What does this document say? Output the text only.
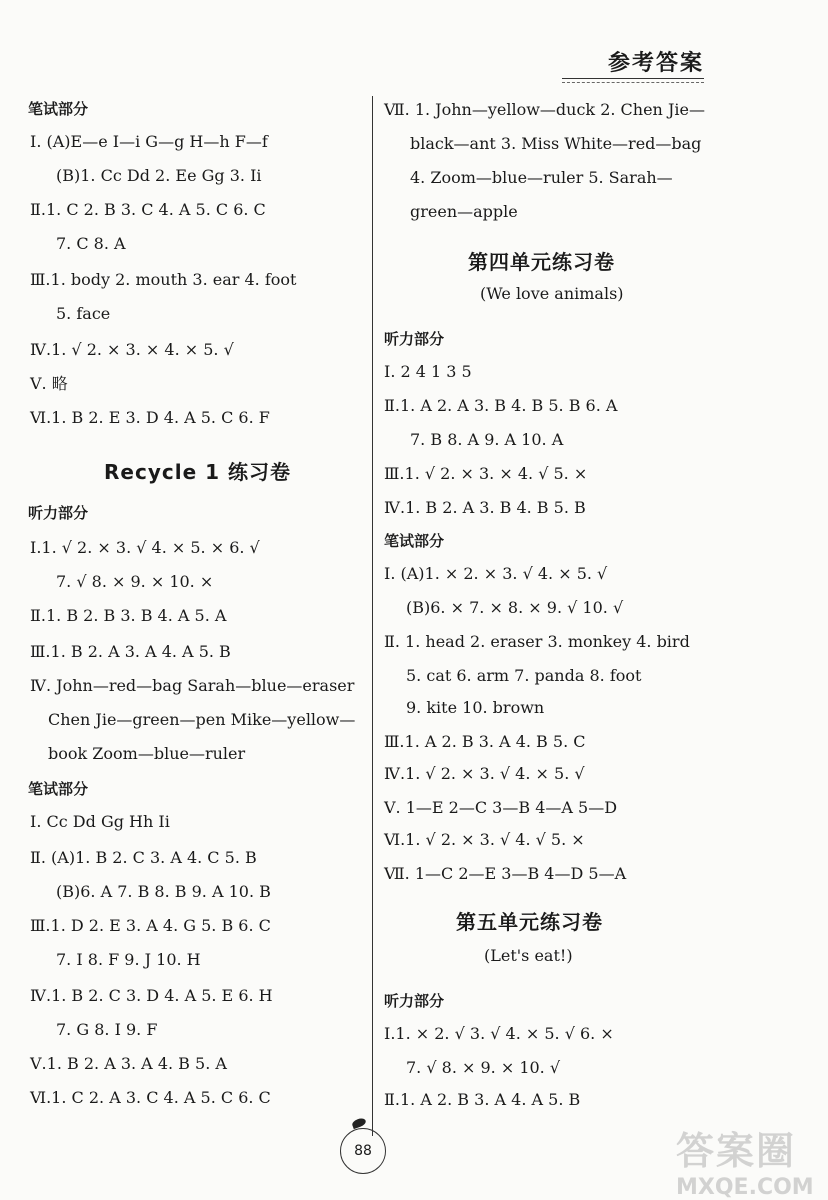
参考答案
笔试部分
Ⅰ. (A)E—e I—i G—g H—h F—f
(B)1. Cc Dd 2. Ee Gg 3. Ii
Ⅱ.1. C 2. B 3. C 4. A 5. C 6. C
7. C 8. A
Ⅲ.1. body 2. mouth 3. ear 4. foot
5. face
Ⅳ.1. √ 2. × 3. × 4. × 5. √
Ⅴ. 略
Ⅵ.1. B 2. E 3. D 4. A 5. C 6. F
Recycle 1 练习卷
听力部分
Ⅰ.1. √ 2. × 3. √ 4. × 5. × 6. √
7. √ 8. × 9. × 10. ×
Ⅱ.1. B 2. B 3. B 4. A 5. A
Ⅲ.1. B 2. A 3. A 4. A 5. B
Ⅳ. John—red—bag Sarah—blue—eraser
Chen Jie—green—pen Mike—yellow—
book Zoom—blue—ruler
笔试部分
Ⅰ. Cc Dd Gg Hh Ii
Ⅱ. (A)1. B 2. C 3. A 4. C 5. B
(B)6. A 7. B 8. B 9. A 10. B
Ⅲ.1. D 2. E 3. A 4. G 5. B 6. C
7. I 8. F 9. J 10. H
Ⅳ.1. B 2. C 3. D 4. A 5. E 6. H
7. G 8. I 9. F
Ⅴ.1. B 2. A 3. A 4. B 5. A
Ⅵ.1. C 2. A 3. C 4. A 5. C 6. C
Ⅶ. 1. John—yellow—duck 2. Chen Jie—
black—ant 3. Miss White—red—bag
4. Zoom—blue—ruler 5. Sarah—
green—apple
第四单元练习卷
(We love animals)
听力部分
Ⅰ. 2 4 1 3 5
Ⅱ.1. A 2. A 3. B 4. B 5. B 6. A
7. B 8. A 9. A 10. A
Ⅲ.1. √ 2. × 3. × 4. √ 5. ×
Ⅳ.1. B 2. A 3. B 4. B 5. B
笔试部分
Ⅰ. (A)1. × 2. × 3. √ 4. × 5. √
(B)6. × 7. × 8. × 9. √ 10. √
Ⅱ. 1. head 2. eraser 3. monkey 4. bird
5. cat 6. arm 7. panda 8. foot
9. kite 10. brown
Ⅲ.1. A 2. B 3. A 4. B 5. C
Ⅳ.1. √ 2. × 3. √ 4. × 5. √
Ⅴ. 1—E 2—C 3—B 4—A 5—D
Ⅵ.1. √ 2. × 3. √ 4. √ 5. ×
Ⅶ. 1—C 2—E 3—B 4—D 5—A
第五单元练习卷
(Let's eat!)
听力部分
Ⅰ.1. × 2. √ 3. √ 4. × 5. √ 6. ×
7. √ 8. × 9. × 10. √
Ⅱ.1. A 2. B 3. A 4. A 5. B
88	答案圈
MXQE.COM
